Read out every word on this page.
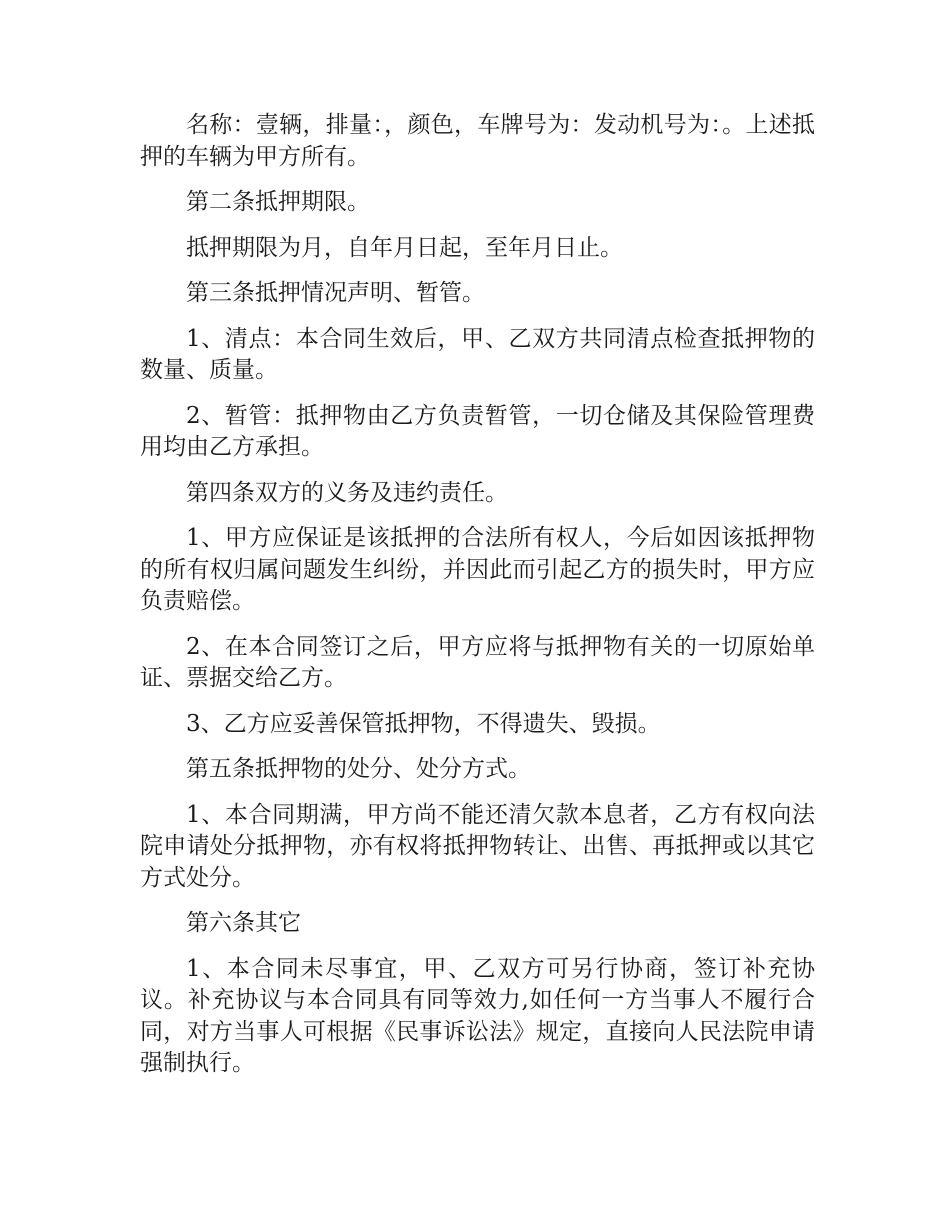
名称：壹辆，排量：，颜色，车牌号为：发动机号为：。上述抵押的车辆为甲方所有。

第二条抵押期限。

抵押期限为月，自年月日起，至年月日止。

第三条抵押情况声明、暂管。

1、清点：本合同生效后，甲、乙双方共同清点检查抵押物的数量、质量。

2、暂管：抵押物由乙方负责暂管，一切仓储及其保险管理费用均由乙方承担。

第四条双方的义务及违约责任。

1、甲方应保证是该抵押的合法所有权人，今后如因该抵押物的所有权归属问题发生纠纷，并因此而引起乙方的损失时，甲方应负责赔偿。

2、在本合同签订之后，甲方应将与抵押物有关的一切原始单证、票据交给乙方。

3、乙方应妥善保管抵押物，不得遗失、毁损。

第五条抵押物的处分、处分方式。

1、本合同期满，甲方尚不能还清欠款本息者，乙方有权向法院申请处分抵押物，亦有权将抵押物转让、出售、再抵押或以其它方式处分。

第六条其它

1、本合同未尽事宜，甲、乙双方可另行协商，签订补充协议。补充协议与本合同具有同等效力,如任何一方当事人不履行合同，对方当事人可根据《民事诉讼法》规定，直接向人民法院申请强制执行。
